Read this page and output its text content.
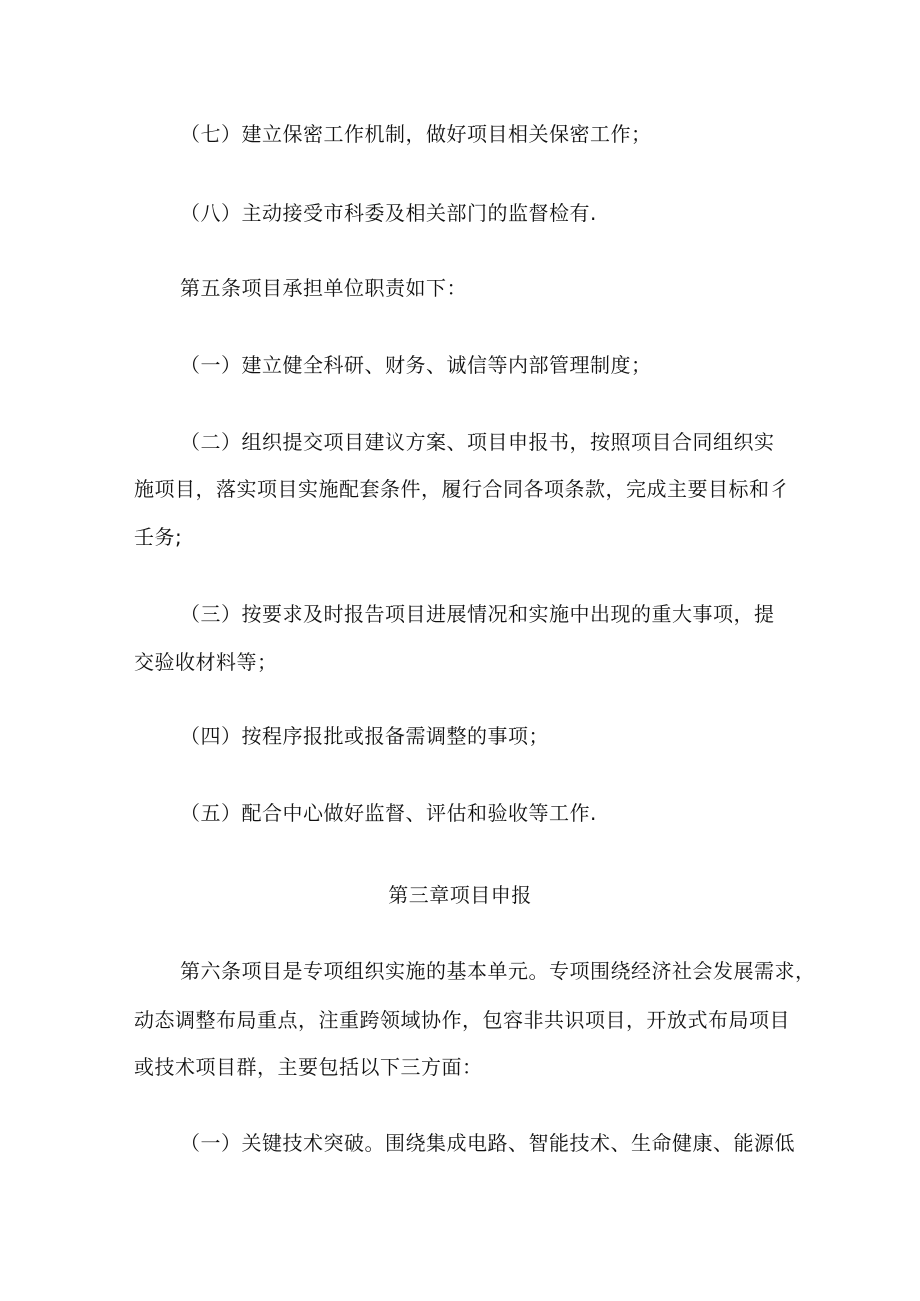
（七）建立保密工作机制，做好项目相关保密工作；
（八）主动接受市科委及相关部门的监督检有.
第五条项目承担单位职责如下：
（一）建立健全科研、财务、诚信等内部管理制度；
（二）组织提交项目建议方案、项目申报书，按照项目合同组织实
施项目，落实项目实施配套条件，履行合同各项条款，完成主要目标和彳
壬务;
（三）按要求及时报告项目进展情况和实施中出现的重大事项，提
交验收材料等；
（四）按程序报批或报备需调整的事项；
（五）配合中心做好监督、评估和验收等工作.
第三章项目申报
第六条项目是专项组织实施的基本单元。专项围绕经济社会发展需求，
动态调整布局重点，注重跨领域协作，包容非共识项目，开放式布局项目
或技术项目群，主要包括以下三方面：
（一）关键技术突破。围绕集成电路、智能技术、生命健康、能源低
